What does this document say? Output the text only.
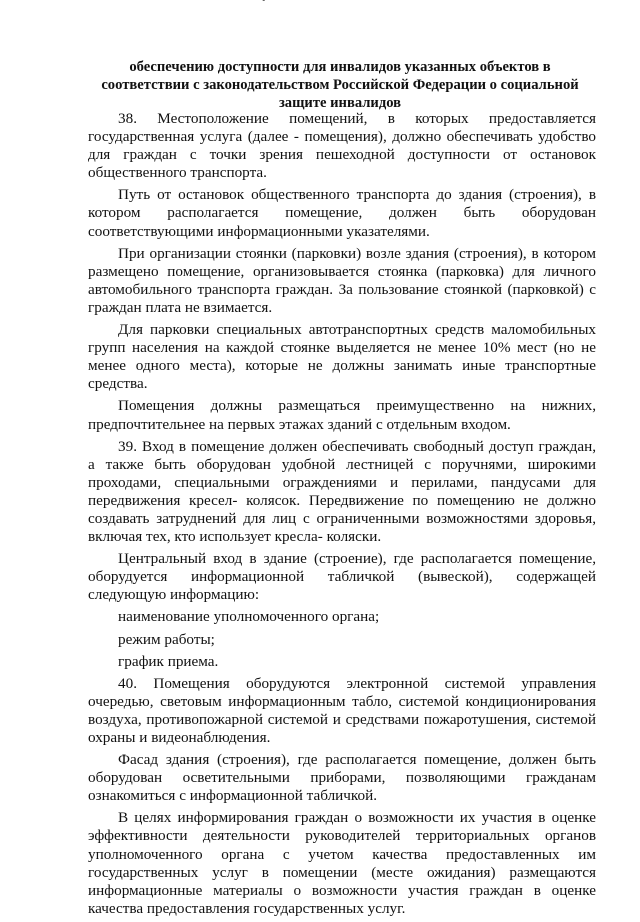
ˇ
обеспечению доступности для инвалидов указанных объектов в
соответствии с законодательством Российской Федерации о социальной
защите инвалидов

38. Местоположение помещений, в которых предоставляется государственная услуга (далее - помещения), должно обеспечивать удобство для граждан с точки зрения пешеходной доступности от остановок общественного транспорта.

Путь от остановок общественного транспорта до здания (строения), в котором располагается помещение, должен быть оборудован соответствующими информационными указателями.

При организации стоянки (парковки) возле здания (строения), в котором размещено помещение, организовывается стоянка (парковка) для личного автомобильного транспорта граждан. За пользование стоянкой (парковкой) с граждан плата не взимается.

Для парковки специальных автотранспортных средств маломобильных групп населения на каждой стоянке выделяется не менее 10% мест (но не менее одного места), которые не должны занимать иные транспортные средства.

Помещения должны размещаться преимущественно на нижних, предпочтительнее на первых этажах зданий с отдельным входом.

39. Вход в помещение должен обеспечивать свободный доступ граждан, а также быть оборудован удобной лестницей с поручнями, широкими проходами, специальными ограждениями и перилами, пандусами для передвижения кресел- колясок. Передвижение по помещению не должно создавать затруднений для лиц с ограниченными возможностями здоровья, включая тех, кто использует кресла- коляски.

Центральный вход в здание (строение), где располагается помещение, оборудуется информационной табличкой (вывеской), содержащей следующую информацию:

наименование уполномоченного органа;

режим работы;

график приема.

40. Помещения оборудуются электронной системой управления очередью, световым информационным табло, системой кондиционирования воздуха, противопожарной системой и средствами пожаротушения, системой охраны и видеонаблюдения.

Фасад здания (строения), где располагается помещение, должен быть оборудован осветительными приборами, позволяющими гражданам ознакомиться с информационной табличкой.

В целях информирования граждан о возможности их участия в оценке эффективности деятельности руководителей территориальных органов уполномоченного органа с учетом качества предоставленных им государственных услуг в помещении (месте ожидания) размещаются информационные материалы о возможности участия граждан в оценке качества предоставления государственных услуг.
